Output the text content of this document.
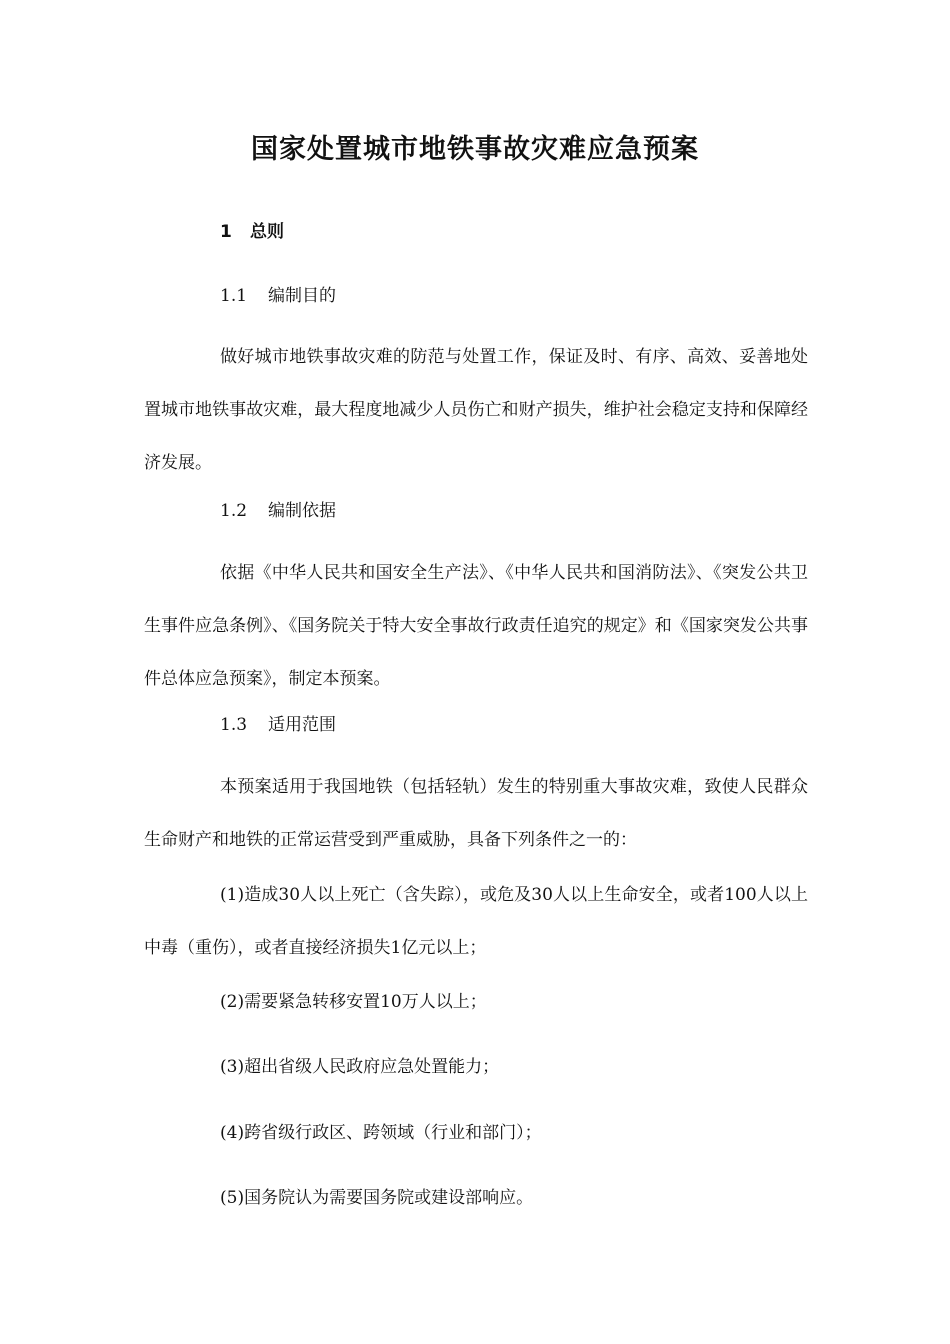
国家处置城市地铁事故灾难应急预案
1 总则
1.1 编制目的

做好城市地铁事故灾难的防范与处置工作，保证及时、有序、高效、妥善地处置城市地铁事故灾难，最大程度地减少人员伤亡和财产损失，维护社会稳定支持和保障经济发展。

1.2 编制依据

依据《中华人民共和国安全生产法》、《中华人民共和国消防法》、《突发公共卫生事件应急条例》、《国务院关于特大安全事故行政责任追究的规定》和《国家突发公共事件总体应急预案》，制定本预案。

1.3 适用范围

本预案适用于我国地铁（包括轻轨）发生的特别重大事故灾难，致使人民群众生命财产和地铁的正常运营受到严重威胁，具备下列条件之一的：

(1)造成30人以上死亡（含失踪），或危及30人以上生命安全，或者100人以上中毒（重伤），或者直接经济损失1亿元以上；

(2)需要紧急转移安置10万人以上；

(3)超出省级人民政府应急处置能力；

(4)跨省级行政区、跨领域（行业和部门）；

(5)国务院认为需要国务院或建设部响应。
